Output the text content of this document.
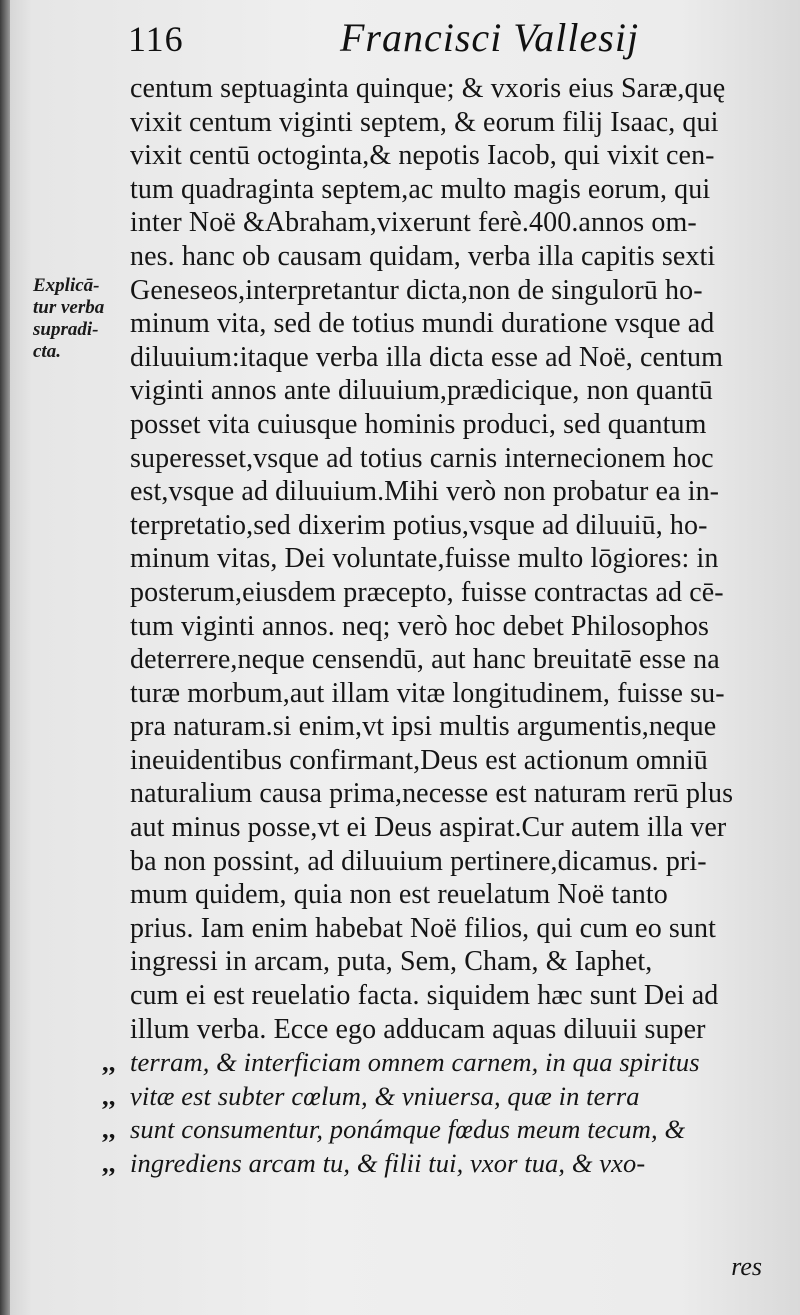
116	Francisci Vallesij
Explicā-
tur verba
supradi-
cta.
centum septuaginta quinque; & vxoris eius Saræ,quę
vixit centum viginti septem, & eorum filij Isaac, qui
vixit centū octoginta,& nepotis Iacob, qui vixit cen-
tum quadraginta septem,ac multo magis eorum, qui
inter Noë &Abraham,vixerunt ferè.400.annos om-
nes. hanc ob causam quidam, verba illa capitis sexti
Geneseos,interpretantur dicta,non de singulorū ho-
minum vita, sed de totius mundi duratione vsque ad
diluuium:itaque verba illa dicta esse ad Noë, centum
viginti annos ante diluuium,prædicique, non quantū
posset vita cuiusque hominis produci, sed quantum
superesset,vsque ad totius carnis internecionem hoc
est,vsque ad diluuium.Mihi verò non probatur ea in-
terpretatio,sed dixerim potius,vsque ad diluuiū, ho-
minum vitas, Dei voluntate,fuisse multo lōgiores: in
posterum,eiusdem præcepto, fuisse contractas ad cē-
tum viginti annos. neq; verò hoc debet Philosophos
deterrere,neque censendū, aut hanc breuitatē esse na
turæ morbum,aut illam vitæ longitudinem, fuisse su-
pra naturam.si enim,vt ipsi multis argumentis,neque
ineuidentibus confirmant,Deus est actionum omniū
naturalium causa prima,necesse est naturam rerū plus
aut minus posse,vt ei Deus aspirat.Cur autem illa ver
ba non possint, ad diluuium pertinere,dicamus. pri-
mum quidem, quia non est reuelatum Noë tanto
prius. Iam enim habebat Noë filios, qui cum eo sunt
ingressi in arcam, puta, Sem, Cham, & Iaphet,
cum ei est reuelatio facta. siquidem hæc sunt Dei ad
illum verba. Ecce ego adducam aquas diluuii super
,, terram, & interficiam omnem carnem, in qua spiritus
,, vitæ est subter cœlum, & vniuersa, quæ in terra
,, sunt consumentur, ponámque fœdus meum tecum, &
,, ingrediens arcam tu, & filii tui, vxor tua, & vxo-
res
